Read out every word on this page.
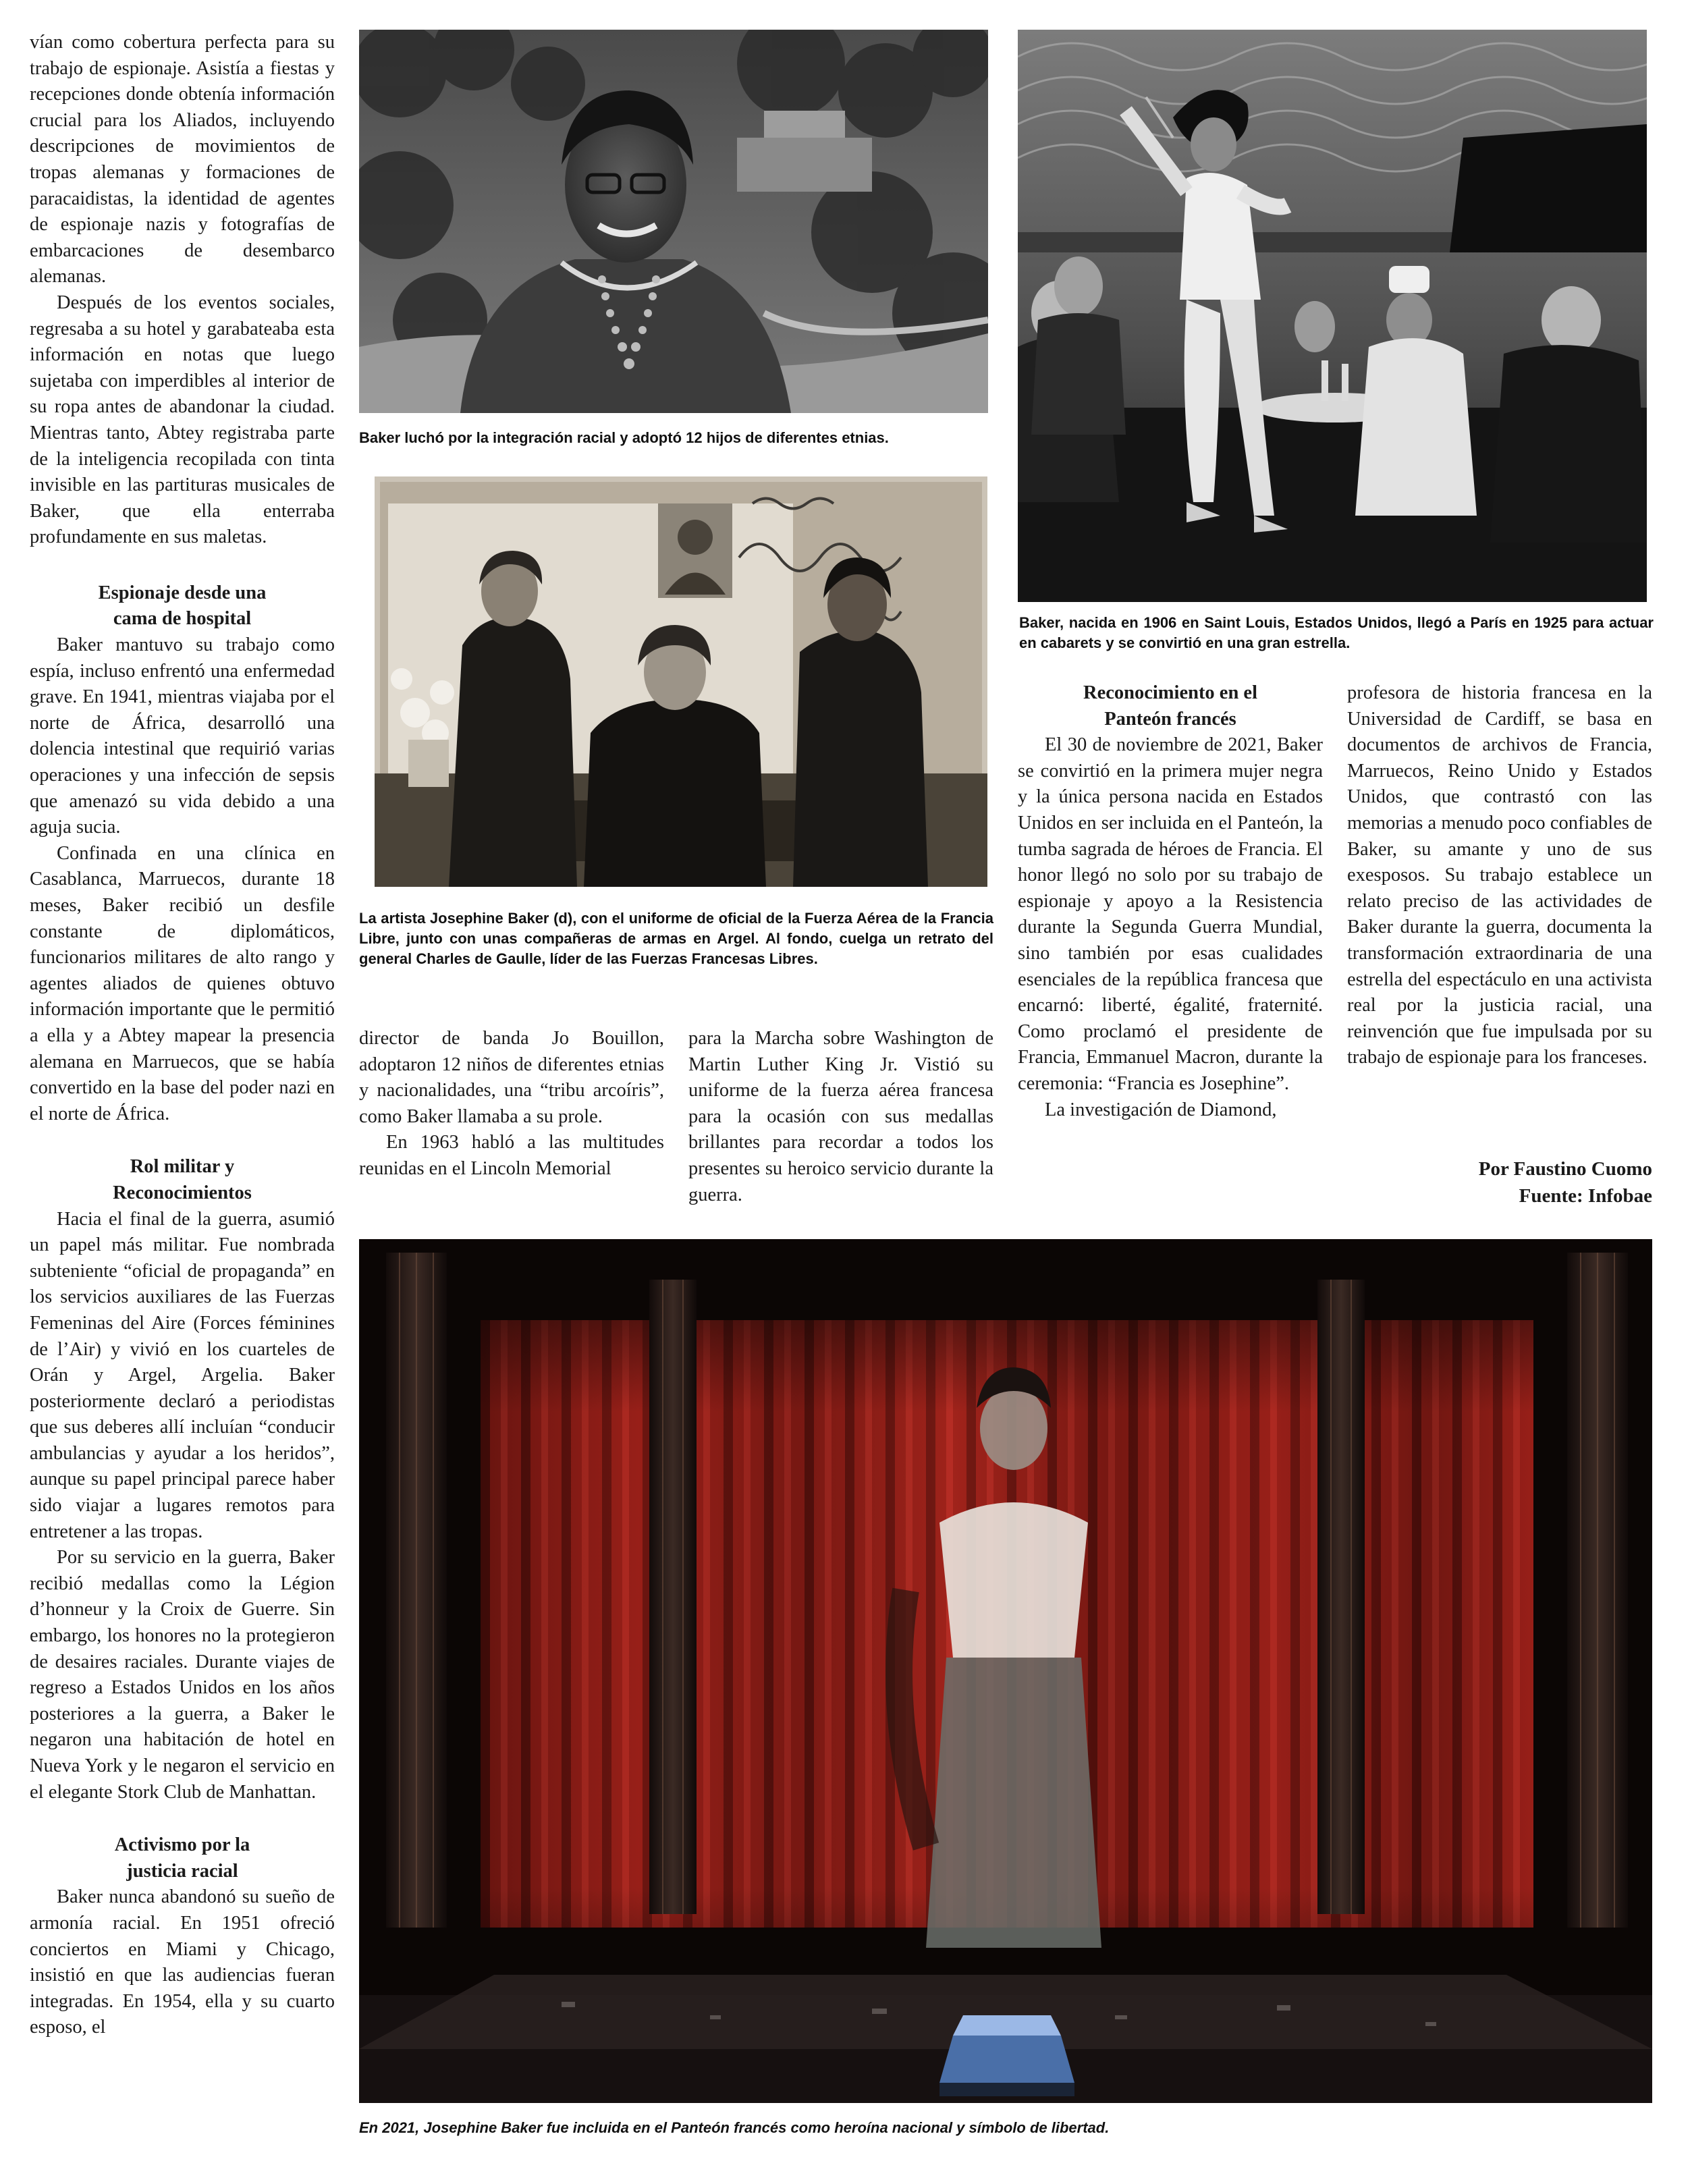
vían como cobertura perfecta para su trabajo de espionaje. Asistía a fiestas y recepciones donde obtenía información crucial para los Aliados, incluyendo descripciones de movimientos de tropas alemanas y formaciones de paracaidistas, la identidad de agentes de espionaje nazis y fotografías de embarcaciones de desembarco alemanas.

Después de los eventos sociales, regresaba a su hotel y garabateaba esta información en notas que luego sujetaba con imperdibles al interior de su ropa antes de abandonar la ciudad. Mientras tanto, Abtey registraba parte de la inteligencia recopilada con tinta invisible en las partituras musicales de Baker, que ella enterraba profundamente en sus maletas.

Espionaje desde una cama de hospital

Baker mantuvo su trabajo como espía, incluso enfrentó una enfermedad grave. En 1941, mientras viajaba por el norte de África, desarrolló una dolencia intestinal que requirió varias operaciones y una infección de sepsis que amenazó su vida debido a una aguja sucia.

Confinada en una clínica en Casablanca, Marruecos, durante 18 meses, Baker recibió un desfile constante de diplomáticos, funcionarios militares de alto rango y agentes aliados de quienes obtuvo información importante que le permitió a ella y a Abtey mapear la presencia alemana en Marruecos, que se había convertido en la base del poder nazi en el norte de África.

Rol militar y Reconocimientos

Hacia el final de la guerra, asumió un papel más militar. Fue nombrada subteniente “oficial de propaganda” en los servicios auxiliares de las Fuerzas Femeninas del Aire (Forces féminines de l’Air) y vivió en los cuarteles de Orán y Argel, Argelia. Baker posteriormente declaró a periodistas que sus deberes allí incluían “conducir ambulancias y ayudar a los heridos”, aunque su papel principal parece haber sido viajar a lugares remotos para entretener a las tropas.

Por su servicio en la guerra, Baker recibió medallas como la Légion d’honneur y la Croix de Guerre. Sin embargo, los honores no la protegieron de desaires raciales. Durante viajes de regreso a Estados Unidos en los años posteriores a la guerra, a Baker le negaron una habitación de hotel en Nueva York y le negaron el servicio en el elegante Stork Club de Manhattan.

Activismo por la justicia racial

Baker nunca abandonó su sueño de armonía racial. En 1951 ofreció conciertos en Miami y Chicago, insistió en que las audiencias fueran integradas. En 1954, ella y su cuarto esposo, el

Baker luchó por la integración racial y adoptó 12 hijos de diferentes etnias.
La artista Josephine Baker (d), con el uniforme de oficial de la Fuerza Aérea de la Francia Libre, junto con unas compañeras de armas en Argel. Al fondo, cuelga un retrato del general Charles de Gaulle, líder de las Fuerzas Francesas Libres.
Baker, nacida en 1906 en Saint Louis, Estados Unidos, llegó a París en 1925 para actuar en cabarets y se convirtió en una gran estrella.

director de banda Jo Bouillon, adoptaron 12 niños de diferentes etnias y nacionalidades, una “tribu arcoíris”, como Baker llamaba a su prole.

En 1963 habló a las multitudes reunidas en el Lincoln Memorial

para la Marcha sobre Washington de Martin Luther King Jr. Vistió su uniforme de la fuerza aérea francesa para la ocasión con sus medallas brillantes para recordar a todos los presentes su heroico servicio durante la guerra.

Reconocimiento en el Panteón francés

El 30 de noviembre de 2021, Baker se convirtió en la primera mujer negra y la única persona nacida en Estados Unidos en ser incluida en el Panteón, la tumba sagrada de héroes de Francia. El honor llegó no solo por su trabajo de espionaje y apoyo a la Resistencia durante la Segunda Guerra Mundial, sino también por esas cualidades esenciales de la república francesa que encarnó: liberté, égalité, fraternité. Como proclamó el presidente de Francia, Emmanuel Macron, durante la ceremonia: “Francia es Josephine”.

La investigación de Diamond,

profesora de historia francesa en la Universidad de Cardiff, se basa en documentos de archivos de Francia, Marruecos, Reino Unido y Estados Unidos, que contrastó con las memorias a menudo poco confiables de Baker, su amante y uno de sus exesposos. Su trabajo establece un relato preciso de las actividades de Baker durante la guerra, documenta la transformación extraordinaria de una estrella del espectáculo en una activista real por la justicia racial, una reinvención que fue impulsada por su trabajo de espionaje para los franceses.

Por Faustino Cuomo
Fuente: Infobae
En 2021, Josephine Baker fue incluida en el Panteón francés como heroína nacional y símbolo de libertad.
